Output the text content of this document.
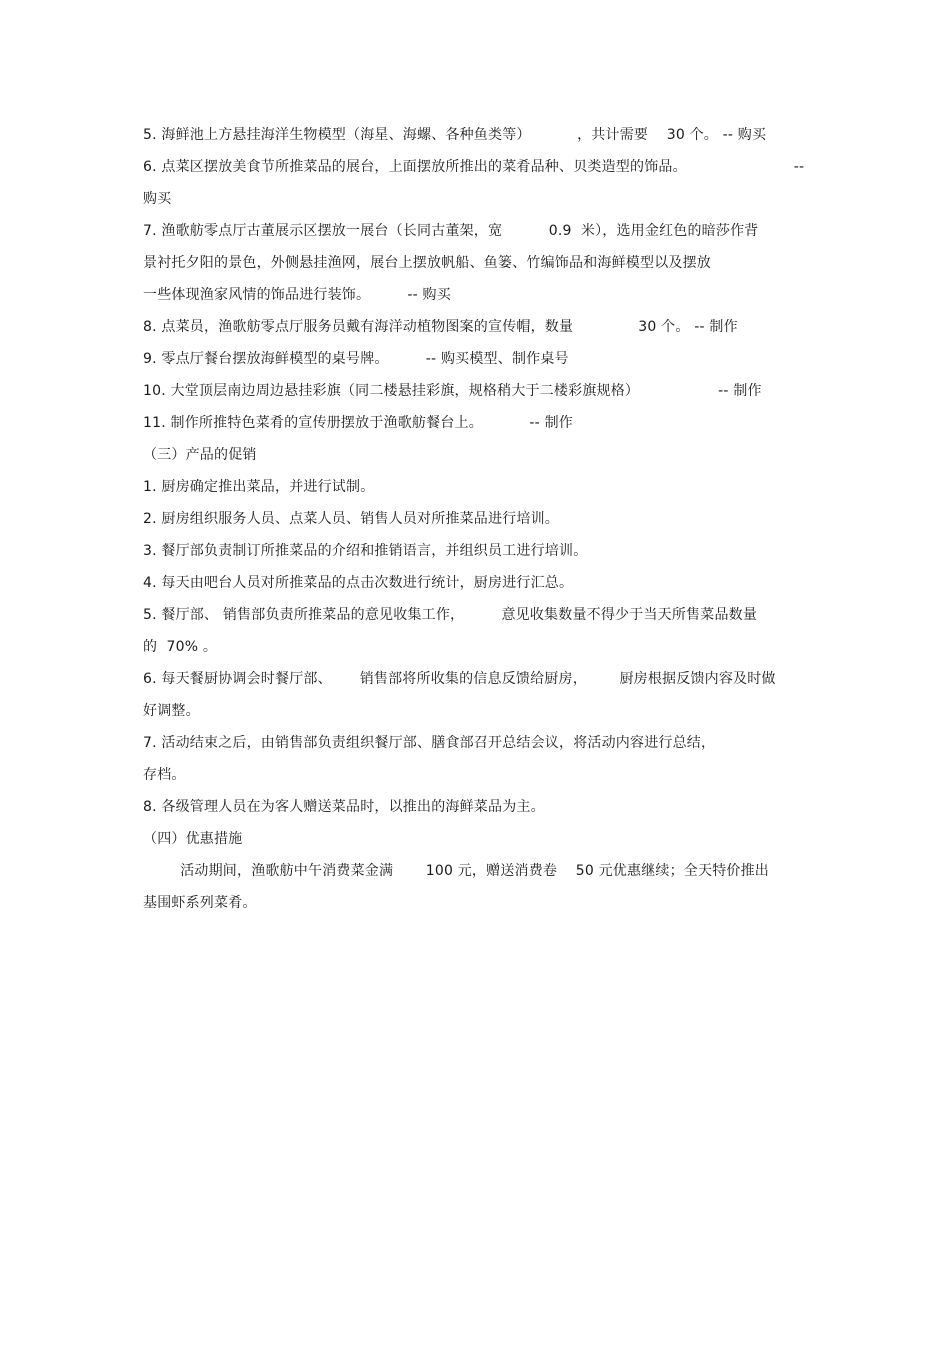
5. 海鲜池上方悬挂海洋生物模型（海星、海螺、各种鱼类等）          ，共计需要    30 个。 -- 购买
6. 点菜区摆放美食节所推菜品的展台，上面摆放所推出的菜肴品种、贝类造型的饰品。                       --
购买
7. 渔歌舫零点厅古董展示区摆放一展台（长同古董架，宽          0.9  米），选用金红色的暗莎作背
景衬托夕阳的景色，外侧悬挂渔网，展台上摆放帆船、鱼篓、竹编饰品和海鲜模型以及摆放
一些体现渔家风情的饰品进行装饰。        -- 购买
8. 点菜员，渔歌舫零点厅服务员戴有海洋动植物图案的宣传帽，数量              30 个。 -- 制作
9. 零点厅餐台摆放海鲜模型的桌号牌。        -- 购买模型、制作桌号
10. 大堂顶层南边周边悬挂彩旗（同二楼悬挂彩旗，规格稍大于二楼彩旗规格）                 -- 制作
11. 制作所推特色菜肴的宣传册摆放于渔歌舫餐台上。          -- 制作
（三）产品的促销
1. 厨房确定推出菜品，并进行试制。
2. 厨房组织服务人员、点菜人员、销售人员对所推菜品进行培训。
3. 餐厅部负责制订所推菜品的介绍和推销语言，并组织员工进行培训。
4. 每天由吧台人员对所推菜品的点击次数进行统计，厨房进行汇总。
5. 餐厅部、 销售部负责所推菜品的意见收集工作，        意见收集数量不得少于当天所售菜品数量
的  70% 。
6. 每天餐厨协调会时餐厅部、      销售部将所收集的信息反馈给厨房，       厨房根据反馈内容及时做
好调整。
7. 活动结束之后，由销售部负责组织餐厅部、膳食部召开总结会议，将活动内容进行总结，
存档。
8. 各级管理人员在为客人赠送菜品时，以推出的海鲜菜品为主。
（四）优惠措施
活动期间，渔歌舫中午消费菜金满       100 元，赠送消费卷    50 元优惠继续；全天特价推出
基围虾系列菜肴。
